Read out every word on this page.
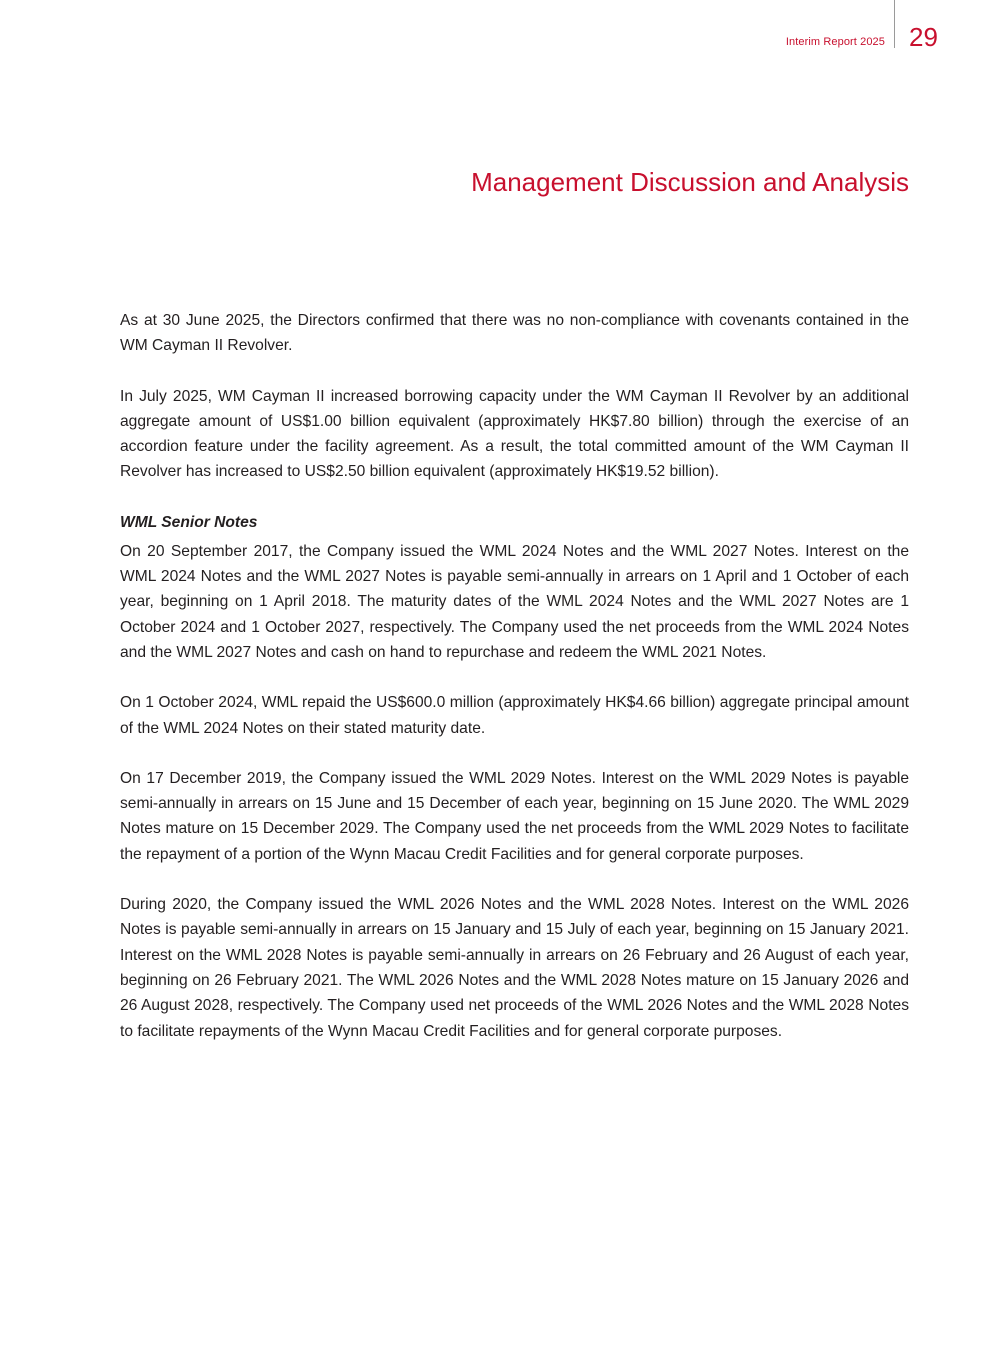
Interim Report 2025 29
Management Discussion and Analysis

As at 30 June 2025, the Directors confirmed that there was no non-compliance with covenants contained in the WM Cayman II Revolver.

In July 2025, WM Cayman II increased borrowing capacity under the WM Cayman II Revolver by an additional aggregate amount of US$1.00 billion equivalent (approximately HK$7.80 billion) through the exercise of an accordion feature under the facility agreement. As a result, the total committed amount of the WM Cayman II Revolver has increased to US$2.50 billion equivalent (approximately HK$19.52 billion).

WML Senior Notes

On 20 September 2017, the Company issued the WML 2024 Notes and the WML 2027 Notes. Interest on the WML 2024 Notes and the WML 2027 Notes is payable semi-annually in arrears on 1 April and 1 October of each year, beginning on 1 April 2018. The maturity dates of the WML 2024 Notes and the WML 2027 Notes are 1 October 2024 and 1 October 2027, respectively. The Company used the net proceeds from the WML 2024 Notes and the WML 2027 Notes and cash on hand to repurchase and redeem the WML 2021 Notes.

On 1 October 2024, WML repaid the US$600.0 million (approximately HK$4.66 billion) aggregate principal amount of the WML 2024 Notes on their stated maturity date.

On 17 December 2019, the Company issued the WML 2029 Notes. Interest on the WML 2029 Notes is payable semi-annually in arrears on 15 June and 15 December of each year, beginning on 15 June 2020. The WML 2029 Notes mature on 15 December 2029. The Company used the net proceeds from the WML 2029 Notes to facilitate the repayment of a portion of the Wynn Macau Credit Facilities and for general corporate purposes.

During 2020, the Company issued the WML 2026 Notes and the WML 2028 Notes. Interest on the WML 2026 Notes is payable semi-annually in arrears on 15 January and 15 July of each year, beginning on 15 January 2021. Interest on the WML 2028 Notes is payable semi-annually in arrears on 26 February and 26 August of each year, beginning on 26 February 2021. The WML 2026 Notes and the WML 2028 Notes mature on 15 January 2026 and 26 August 2028, respectively. The Company used net proceeds of the WML 2026 Notes and the WML 2028 Notes to facilitate repayments of the Wynn Macau Credit Facilities and for general corporate purposes.
